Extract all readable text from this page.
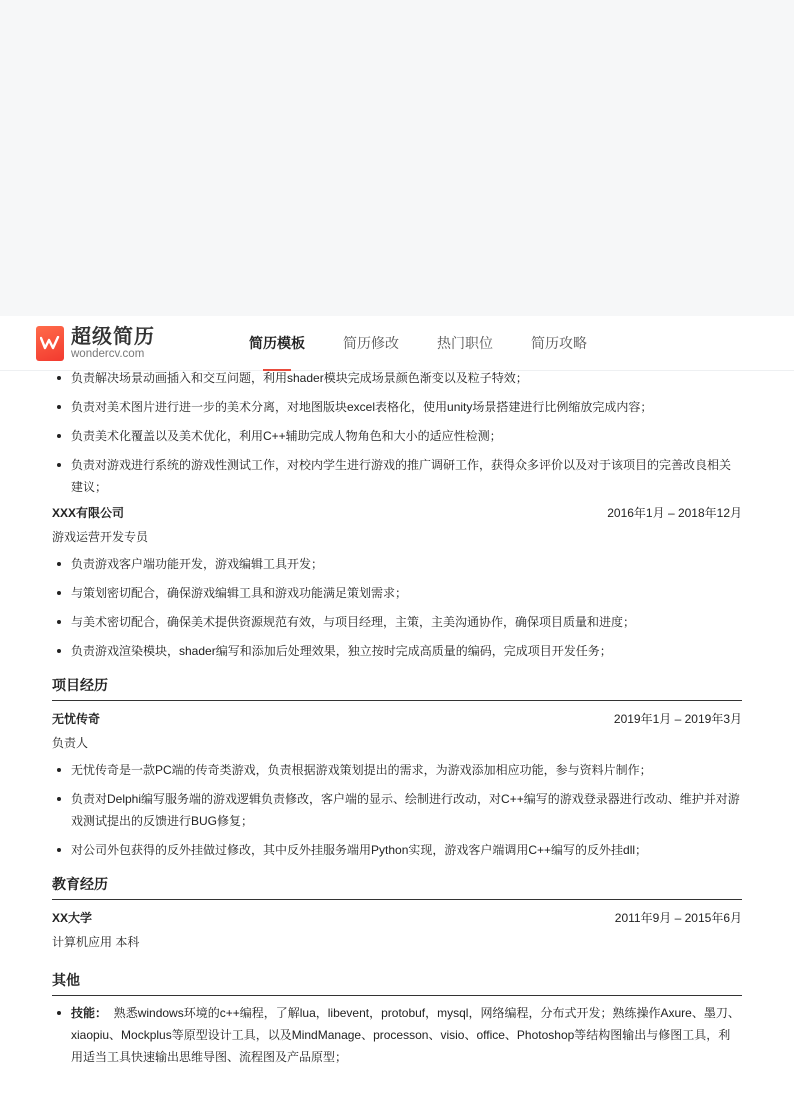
超级简历
wondercv.com
简历模板	简历修改	热门职位	简历攻略
负责解决场景动画插入和交互问题，利用shader模块完成场景颜色渐变以及粒子特效；
负责对美术图片进行进一步的美术分离，对地图版块excel表格化，使用unity场景搭建进行比例缩放完成内容；
负责美术化覆盖以及美术优化，利用C++辅助完成人物角色和大小的适应性检测；
负责对游戏进行系统的游戏性测试工作，对校内学生进行游戏的推广调研工作，获得众多评价以及对于该项目的完善改良相关建议；
XXX有限公司	2016年1月 – 2018年12月
游戏运营开发专员
负责游戏客户端功能开发，游戏编辑工具开发；
与策划密切配合，确保游戏编辑工具和游戏功能满足策划需求；
与美术密切配合，确保美术提供资源规范有效，与项目经理，主策，主美沟通协作，确保项目质量和进度；
负责游戏渲染模块，shader编写和添加后处理效果，独立按时完成高质量的编码，完成项目开发任务；
项目经历
无忧传奇	2019年1月 – 2019年3月
负责人
无忧传奇是一款PC端的传奇类游戏，负责根据游戏策划提出的需求，为游戏添加相应功能，参与资料片制作；
负责对Delphi编写服务端的游戏逻辑负责修改，客户端的显示、绘制进行改动，对C++编写的游戏登录器进行改动、维护并对游戏测试提出的反馈进行BUG修复；
对公司外包获得的反外挂做过修改，其中反外挂服务端用Python实现，游戏客户端调用C++编写的反外挂dll；
教育经历
XX大学	2011年9月 – 2015年6月
计算机应用 本科
其他
技能： 熟悉windows环境的c++编程，了解lua，libevent，protobuf，mysql，网络编程，分布式开发；熟练操作Axure、墨刀、xiaopiu、Mockplus等原型设计工具，以及MindManage、processon、visio、office、Photoshop等结构图输出与修图工具，利用适当工具快速输出思维导图、流程图及产品原型；
